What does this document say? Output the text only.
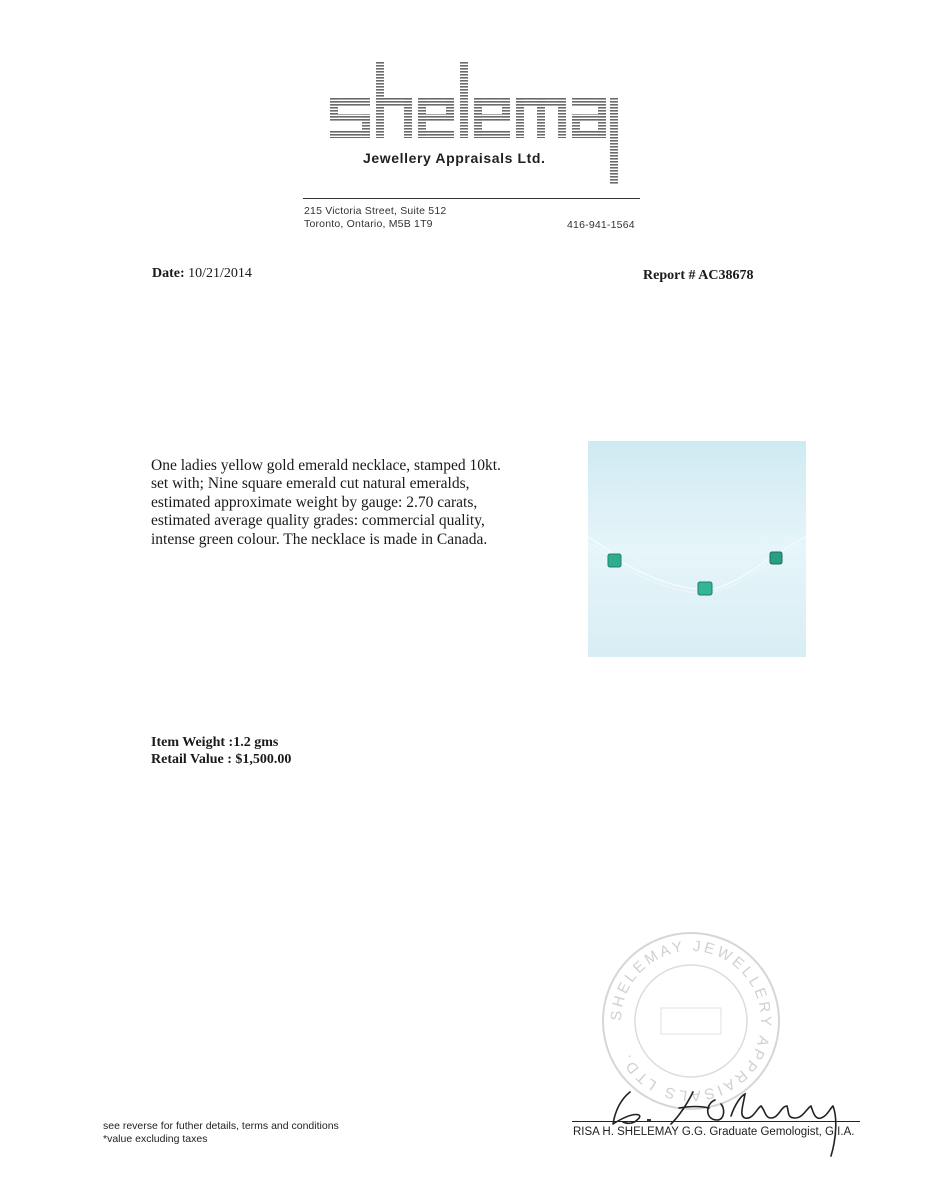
Jewellery Appraisals Ltd.
215 Victoria Street, Suite 512
Toronto, Ontario, M5B 1T9	416-941-1564
Date: 10/21/2014	Report # AC38678
One ladies yellow gold emerald necklace, stamped 10kt.
set with; Nine square emerald cut natural emeralds,
estimated approximate weight by gauge: 2.70 carats,
estimated average quality grades: commercial quality,
intense green colour. The necklace is made in Canada.
Item Weight :1.2 gms
Retail Value : $1,500.00
SHELEMAY JEWELLERY APPRAISALS LTD.
see reverse for futher details, terms and conditions
*value excluding taxes
RISA H. SHELEMAY G.G. Graduate Gemologist, G.I.A.
